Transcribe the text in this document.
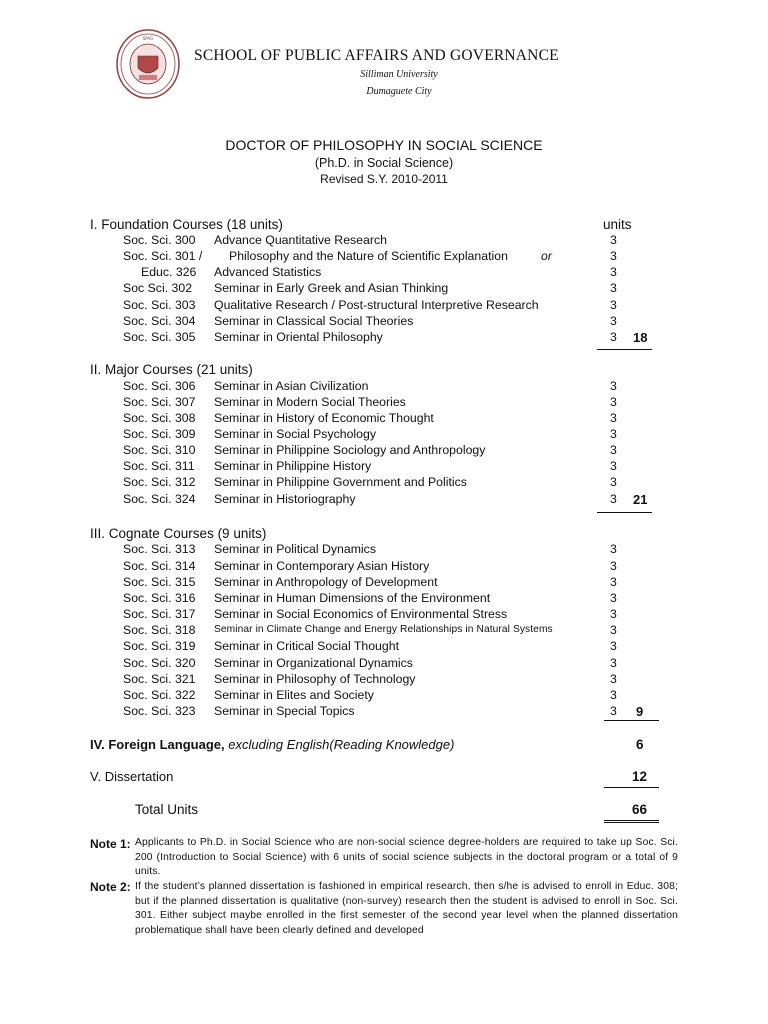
SPAG
SCHOOL OF PUBLIC AFFAIRS AND GOVERNANCE
Silliman University
Dumaguete City
DOCTOR OF PHILOSOPHY IN SOCIAL SCIENCE
(Ph.D. in Social Science)
Revised S.Y. 2010-2011
I. Foundation Courses (18 units)	units
Soc. Sci. 300 Advance Quantitative Research	3
Soc. Sci. 301 / Philosophy and the Nature of Scientific Explanation	or	3
Educ. 326 Advanced Statistics	3
Soc Sci. 302 Seminar in Early Greek and Asian Thinking	3
Soc. Sci. 303 Qualitative Research / Post-structural Interpretive Research	3
Soc. Sci. 304 Seminar in Classical Social Theories	3
Soc. Sci. 305 Seminar in Oriental Philosophy	3 18
II. Major Courses (21 units)
Soc. Sci. 306 Seminar in Asian Civilization	3
Soc. Sci. 307 Seminar in Modern Social Theories	3
Soc. Sci. 308 Seminar in History of Economic Thought	3
Soc. Sci. 309 Seminar in Social Psychology	3
Soc. Sci. 310 Seminar in Philippine Sociology and Anthropology	3
Soc. Sci. 311 Seminar in Philippine History	3
Soc. Sci. 312 Seminar in Philippine Government and Politics	3
Soc. Sci. 324 Seminar in Historiography	3 21
III. Cognate Courses (9 units)
Soc. Sci. 313 Seminar in Political Dynamics	3
Soc. Sci. 314 Seminar in Contemporary Asian History	3
Soc. Sci. 315 Seminar in Anthropology of Development	3
Soc. Sci. 316 Seminar in Human Dimensions of the Environment	3
Soc. Sci. 317 Seminar in Social Economics of Environmental Stress	3
Soc. Sci. 318 Seminar in Climate Change and Energy Relationships in Natural Systems	3
Soc. Sci. 319 Seminar in Critical Social Thought	3
Soc. Sci. 320 Seminar in Organizational Dynamics	3
Soc. Sci. 321 Seminar in Philosophy of Technology	3
Soc. Sci. 322 Seminar in Elites and Society	3
Soc. Sci. 323 Seminar in Special Topics	3 9
IV. Foreign Language, excluding English(Reading Knowledge)	6
V. Dissertation	12
Total Units	66
Note 1: Applicants to Ph.D. in Social Science who are non-social science degree-holders are required to take up Soc. Sci. 200 (Introduction to Social Science) with 6 units of social science subjects in the doctoral program or a total of 9 units.
Note 2: If the student’s planned dissertation is fashioned in empirical research, then s/he is advised to enroll in Educ. 308; but if the planned dissertation is qualitative (non-survey) research then the student is advised to enroll in Soc. Sci. 301. Either subject maybe enrolled in the first semester of the second year level when the planned dissertation problematique shall have been clearly defined and developed
